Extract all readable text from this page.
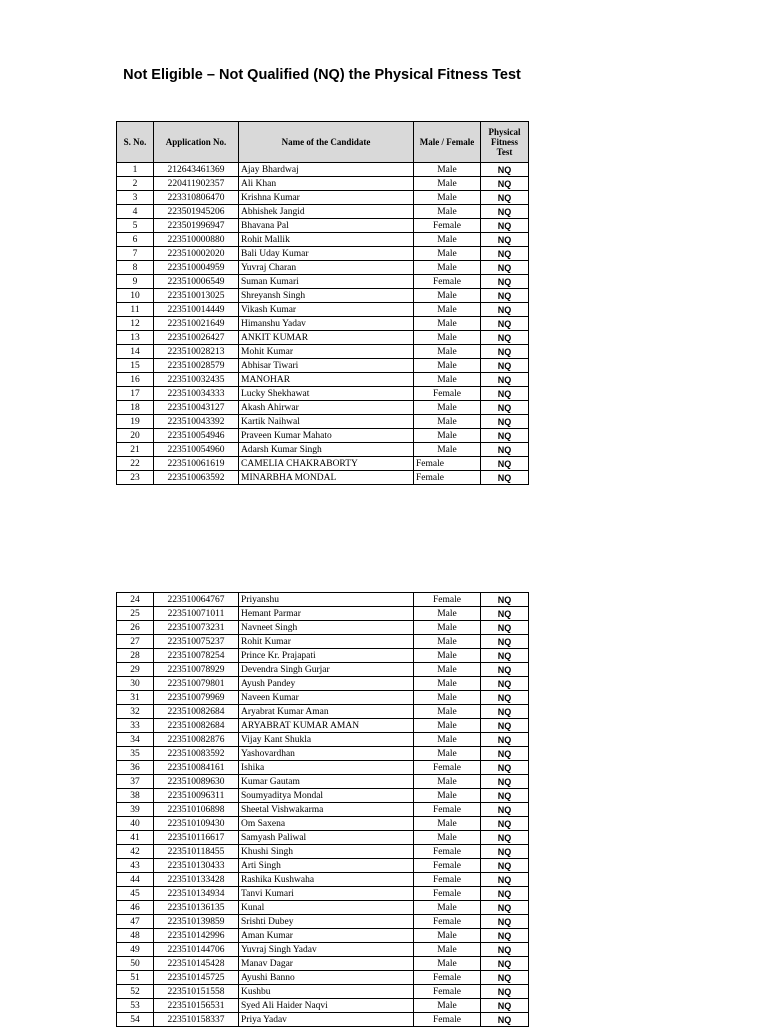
Not Eligible – Not Qualified (NQ) the Physical Fitness Test
S. No.	Application No.	Name of the Candidate	Male / Female	Physical Fitness Test
1	212643461369	Ajay Bhardwaj	Male	NQ
2	220411902357	Ali Khan	Male	NQ
3	223310806470	Krishna Kumar	Male	NQ
4	223501945206	Abhishek Jangid	Male	NQ
5	223501996947	Bhavana Pal	Female	NQ
6	223510000880	Rohit Mallik	Male	NQ
7	223510002020	Bali Uday Kumar	Male	NQ
8	223510004959	Yuvraj Charan	Male	NQ
9	223510006549	Suman Kumari	Female	NQ
10	223510013025	Shreyansh Singh	Male	NQ
11	223510014449	Vikash Kumar	Male	NQ
12	223510021649	Himanshu Yadav	Male	NQ
13	223510026427	ANKIT KUMAR	Male	NQ
14	223510028213	Mohit Kumar	Male	NQ
15	223510028579	Abhisar Tiwari	Male	NQ
16	223510032435	MANOHAR	Male	NQ
17	223510034333	Lucky Shekhawat	Female	NQ
18	223510043127	Akash Ahirwar	Male	NQ
19	223510043392	Kartik Naihwal	Male	NQ
20	223510054946	Praveen Kumar Mahato	Male	NQ
21	223510054960	Adarsh Kumar Singh	Male	NQ
22	223510061619	CAMELIA CHAKRABORTY	Female	NQ
23	223510063592	MINARBHA MONDAL	Female	NQ
24	223510064767	Priyanshu	Female	NQ
25	223510071011	Hemant Parmar	Male	NQ
26	223510073231	Navneet Singh	Male	NQ
27	223510075237	Rohit Kumar	Male	NQ
28	223510078254	Prince Kr. Prajapati	Male	NQ
29	223510078929	Devendra Singh Gurjar	Male	NQ
30	223510079801	Ayush Pandey	Male	NQ
31	223510079969	Naveen Kumar	Male	NQ
32	223510082684	Aryabrat Kumar Aman	Male	NQ
33	223510082684	ARYABRAT KUMAR AMAN	Male	NQ
34	223510082876	Vijay Kant Shukla	Male	NQ
35	223510083592	Yashovardhan	Male	NQ
36	223510084161	Ishika	Female	NQ
37	223510089630	Kumar Gautam	Male	NQ
38	223510096311	Soumyaditya Mondal	Male	NQ
39	223510106898	Sheetal Vishwakarma	Female	NQ
40	223510109430	Om Saxena	Male	NQ
41	223510116617	Samyash Paliwal	Male	NQ
42	223510118455	Khushi Singh	Female	NQ
43	223510130433	Arti Singh	Female	NQ
44	223510133428	Rashika Kushwaha	Female	NQ
45	223510134934	Tanvi Kumari	Female	NQ
46	223510136135	Kunal	Male	NQ
47	223510139859	Srishti Dubey	Female	NQ
48	223510142996	Aman Kumar	Male	NQ
49	223510144706	Yuvraj Singh Yadav	Male	NQ
50	223510145428	Manav Dagar	Male	NQ
51	223510145725	Ayushi Banno	Female	NQ
52	223510151558	Kushbu	Female	NQ
53	223510156531	Syed Ali Haider Naqvi	Male	NQ
54	223510158337	Priya Yadav	Female	NQ
